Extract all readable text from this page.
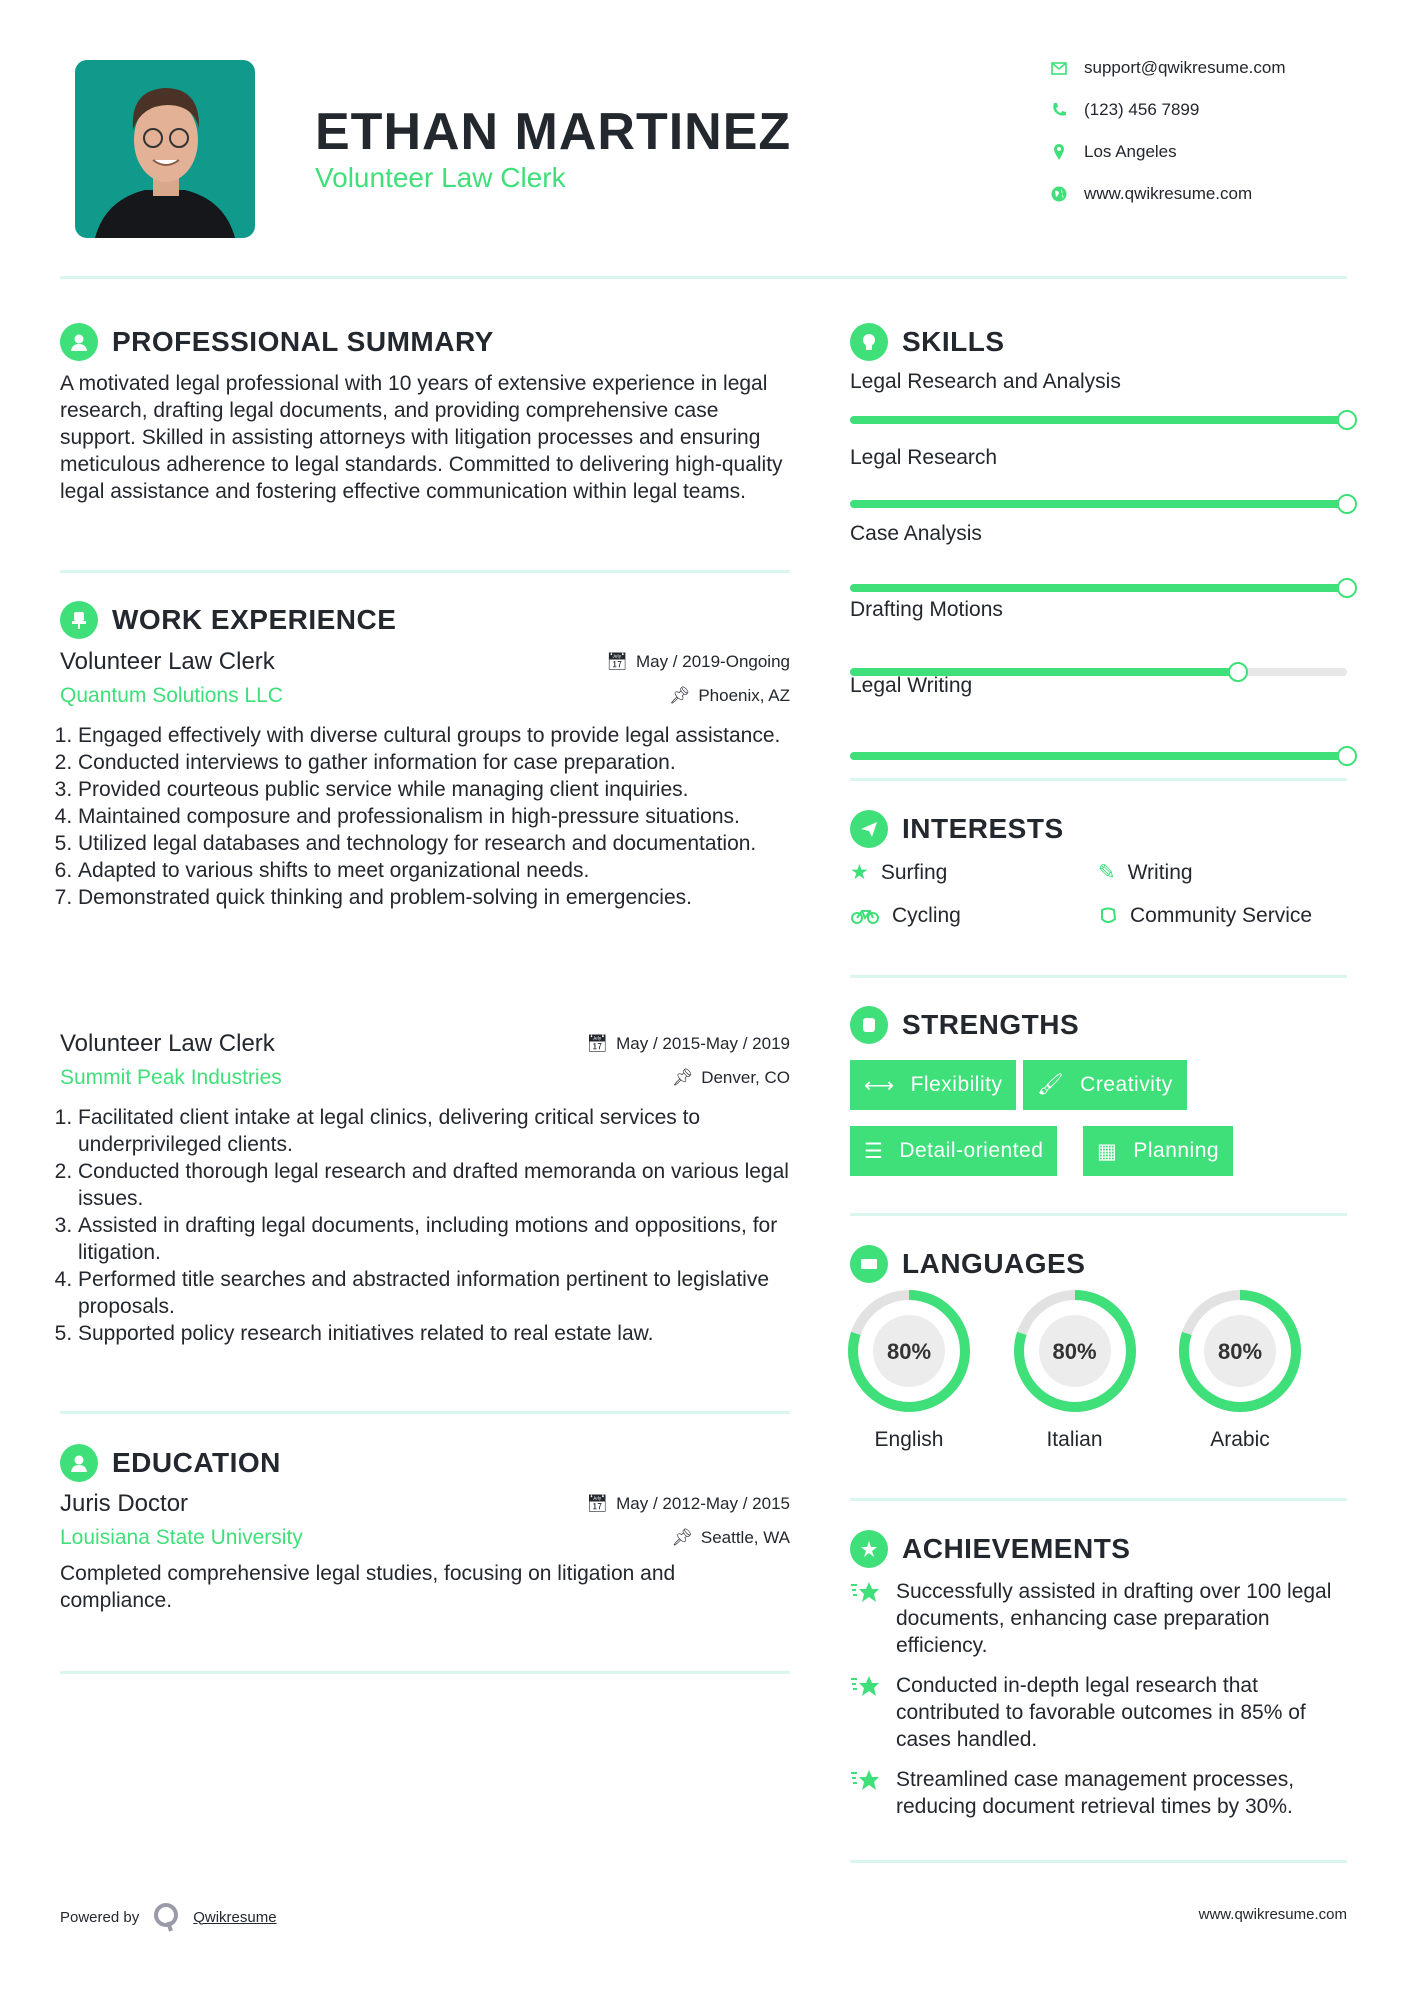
ETHAN MARTINEZ
Volunteer Law Clerk
support@qwikresume.com
(123) 456 7899
Los Angeles
www.qwikresume.com
PROFESSIONAL SUMMARY
A motivated legal professional with 10 years of extensive experience in legal research, drafting legal documents, and providing comprehensive case support. Skilled in assisting attorneys with litigation processes and ensuring meticulous adherence to legal standards. Committed to delivering high-quality legal assistance and fostering effective communication within legal teams.
WORK EXPERIENCE
Volunteer Law Clerk	📅︎ May / 2019-Ongoing
Quantum Solutions LLC	📌︎ Phoenix, AZ
1. Engaged effectively with diverse cultural groups to provide legal assistance.
2. Conducted interviews to gather information for case preparation.
3. Provided courteous public service while managing client inquiries.
4. Maintained composure and professionalism in high-pressure situations.
5. Utilized legal databases and technology for research and documentation.
6. Adapted to various shifts to meet organizational needs.
7. Demonstrated quick thinking and problem-solving in emergencies.
Volunteer Law Clerk	📅︎ May / 2015-May / 2019
Summit Peak Industries	📌︎ Denver, CO
1. Facilitated client intake at legal clinics, delivering critical services to underprivileged clients.
2. Conducted thorough legal research and drafted memoranda on various legal issues.
3. Assisted in drafting legal documents, including motions and oppositions, for litigation.
4. Performed title searches and abstracted information pertinent to legislative proposals.
5. Supported policy research initiatives related to real estate law.
EDUCATION
Juris Doctor	📅︎ May / 2012-May / 2015
Louisiana State University	📌︎ Seattle, WA
Completed comprehensive legal studies, focusing on litigation and compliance.
SKILLS
Legal Research and Analysis
Legal Research
Case Analysis
Drafting Motions
Legal Writing
INTERESTS
★ Surfing	✎ Writing
Cycling	Community Service
STRENGTHS
⟷ Flexibility 🖌︎ Creativity
☰ Detail-oriented	▦ Planning
LANGUAGES
80%
English
80%
Italian
80%
Arabic
ACHIEVEMENTS
Successfully assisted in drafting over 100 legal documents, enhancing case preparation efficiency.
Conducted in-depth legal research that contributed to favorable outcomes in 85% of cases handled.
Streamlined case management processes, reducing document retrieval times by 30%.
Powered by	Qwikresume	www.qwikresume.com
